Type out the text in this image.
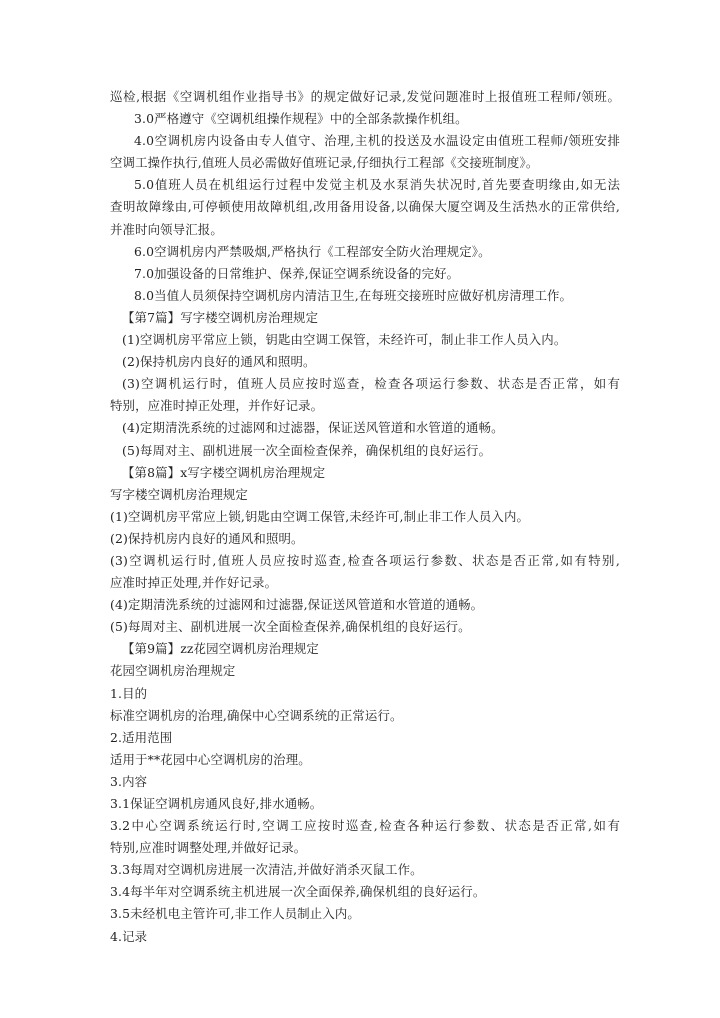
巡检,根据《空调机组作业指导书》的规定做好记录,发觉问题准时上报值班工程师/领班。
3.0严格遵守《空调机组操作规程》中的全部条款操作机组。
4.0空调机房内设备由专人值守、治理,主机的投送及水温设定由值班工程师/领班安排
空调工操作执行,值班人员必需做好值班记录,仔细执行工程部《交接班制度》。
5.0值班人员在机组运行过程中发觉主机及水泵消失状况时,首先要查明缘由,如无法
查明故障缘由,可停顿使用故障机组,改用备用设备,以确保大厦空调及生活热水的正常供给,
并准时向领导汇报。
6.0空调机房内严禁吸烟,严格执行《工程部安全防火治理规定》。
7.0加强设备的日常维护、保养,保证空调系统设备的完好。
8.0当值人员须保持空调机房内清洁卫生,在每班交接班时应做好机房清理工作。
【第7篇】写字楼空调机房治理规定
(1)空调机房平常应上锁，钥匙由空调工保管，未经许可，制止非工作人员入内。
(2)保持机房内良好的通风和照明。
(3)空调机运行时，值班人员应按时巡查，检查各项运行参数、状态是否正常，如有
特别，应准时掉正处理，并作好记录。
(4)定期清洗系统的过滤网和过滤器，保证送风管道和水管道的通畅。
(5)每周对主、副机进展一次全面检查保养，确保机组的良好运行。
【第8篇】x写字楼空调机房治理规定
写字楼空调机房治理规定
(1)空调机房平常应上锁,钥匙由空调工保管,未经许可,制止非工作人员入内。
(2)保持机房内良好的通风和照明。
(3)空调机运行时,值班人员应按时巡查,检查各项运行参数、状态是否正常,如有特别,
应准时掉正处理,并作好记录。
(4)定期清洗系统的过滤网和过滤器,保证送风管道和水管道的通畅。
(5)每周对主、副机进展一次全面检查保养,确保机组的良好运行。
【第9篇】zz花园空调机房治理规定
花园空调机房治理规定
1.目的
标准空调机房的治理,确保中心空调系统的正常运行。
2.适用范围
适用于**花园中心空调机房的治理。
3.内容
3.1保证空调机房通风良好,排水通畅。
3.2中心空调系统运行时,空调工应按时巡查,检查各种运行参数、状态是否正常,如有
特别,应准时调整处理,并做好记录。
3.3每周对空调机房进展一次清洁,并做好消杀灭鼠工作。
3.4每半年对空调系统主机进展一次全面保养,确保机组的良好运行。
3.5未经机电主管许可,非工作人员制止入内。
4.记录
